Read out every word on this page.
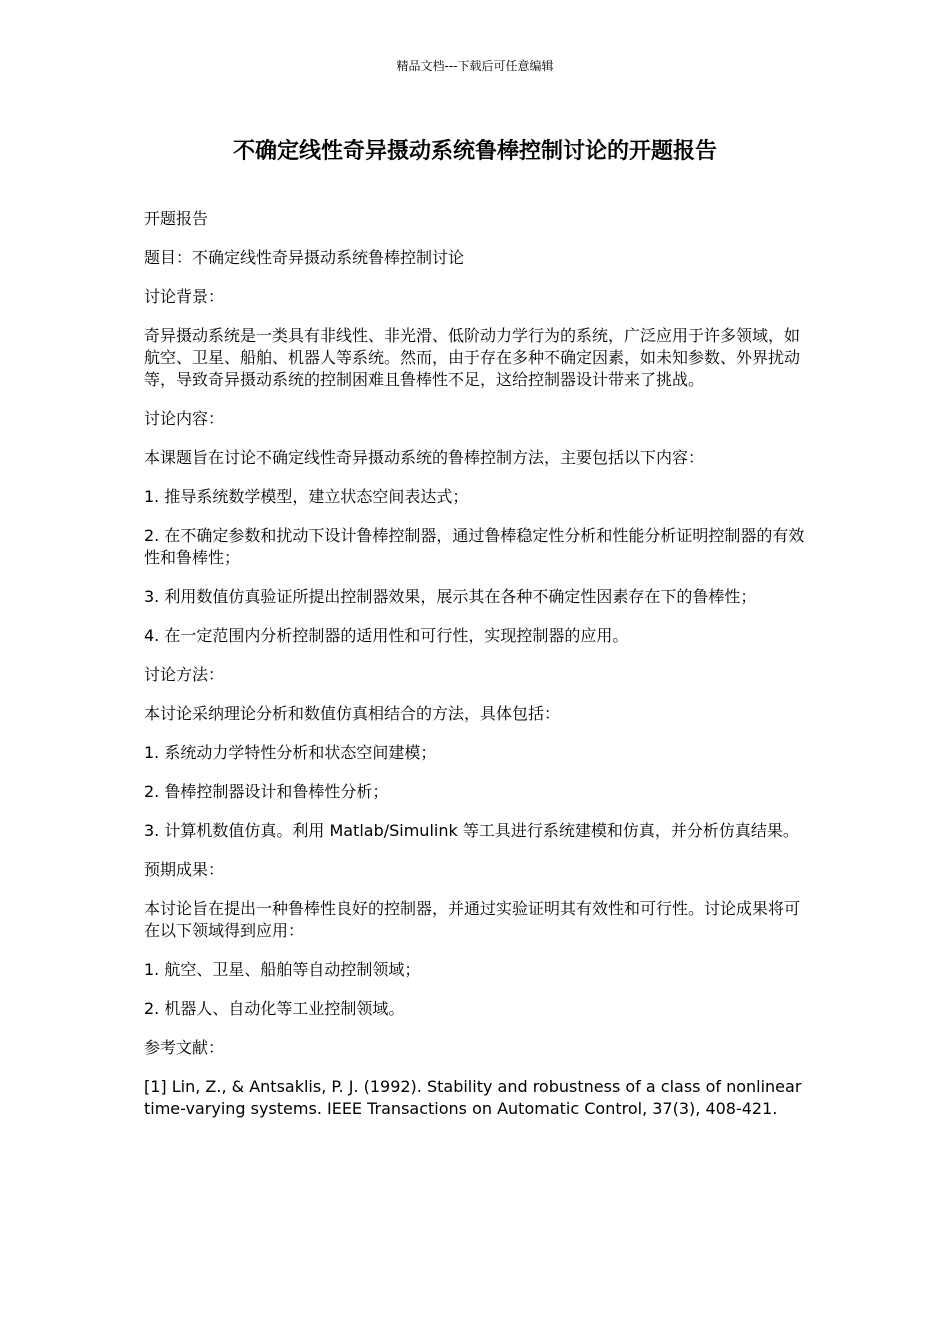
精品文档---下载后可任意编辑
不确定线性奇异摄动系统鲁棒控制讨论的开题报告

开题报告

题目：不确定线性奇异摄动系统鲁棒控制讨论

讨论背景：

奇异摄动系统是一类具有非线性、非光滑、低阶动力学行为的系统，广泛应用于许多领域，如航空、卫星、船舶、机器人等系统。然而，由于存在多种不确定因素，如未知参数、外界扰动等，导致奇异摄动系统的控制困难且鲁棒性不足，这给控制器设计带来了挑战。

讨论内容：

本课题旨在讨论不确定线性奇异摄动系统的鲁棒控制方法，主要包括以下内容：

1. 推导系统数学模型，建立状态空间表达式；

2. 在不确定参数和扰动下设计鲁棒控制器，通过鲁棒稳定性分析和性能分析证明控制器的有效性和鲁棒性；

3. 利用数值仿真验证所提出控制器效果，展示其在各种不确定性因素存在下的鲁棒性；

4. 在一定范围内分析控制器的适用性和可行性，实现控制器的应用。

讨论方法：

本讨论采纳理论分析和数值仿真相结合的方法，具体包括：

1. 系统动力学特性分析和状态空间建模；

2. 鲁棒控制器设计和鲁棒性分析；

3. 计算机数值仿真。利用 Matlab/Simulink 等工具进行系统建模和仿真，并分析仿真结果。

预期成果：

本讨论旨在提出一种鲁棒性良好的控制器，并通过实验证明其有效性和可行性。讨论成果将可在以下领域得到应用：

1. 航空、卫星、船舶等自动控制领域；

2. 机器人、自动化等工业控制领域。

参考文献：

[1] Lin, Z., & Antsaklis, P. J. (1992). Stability and robustness of a class of nonlinear time-varying systems. IEEE Transactions on Automatic Control, 37(3), 408-421.
